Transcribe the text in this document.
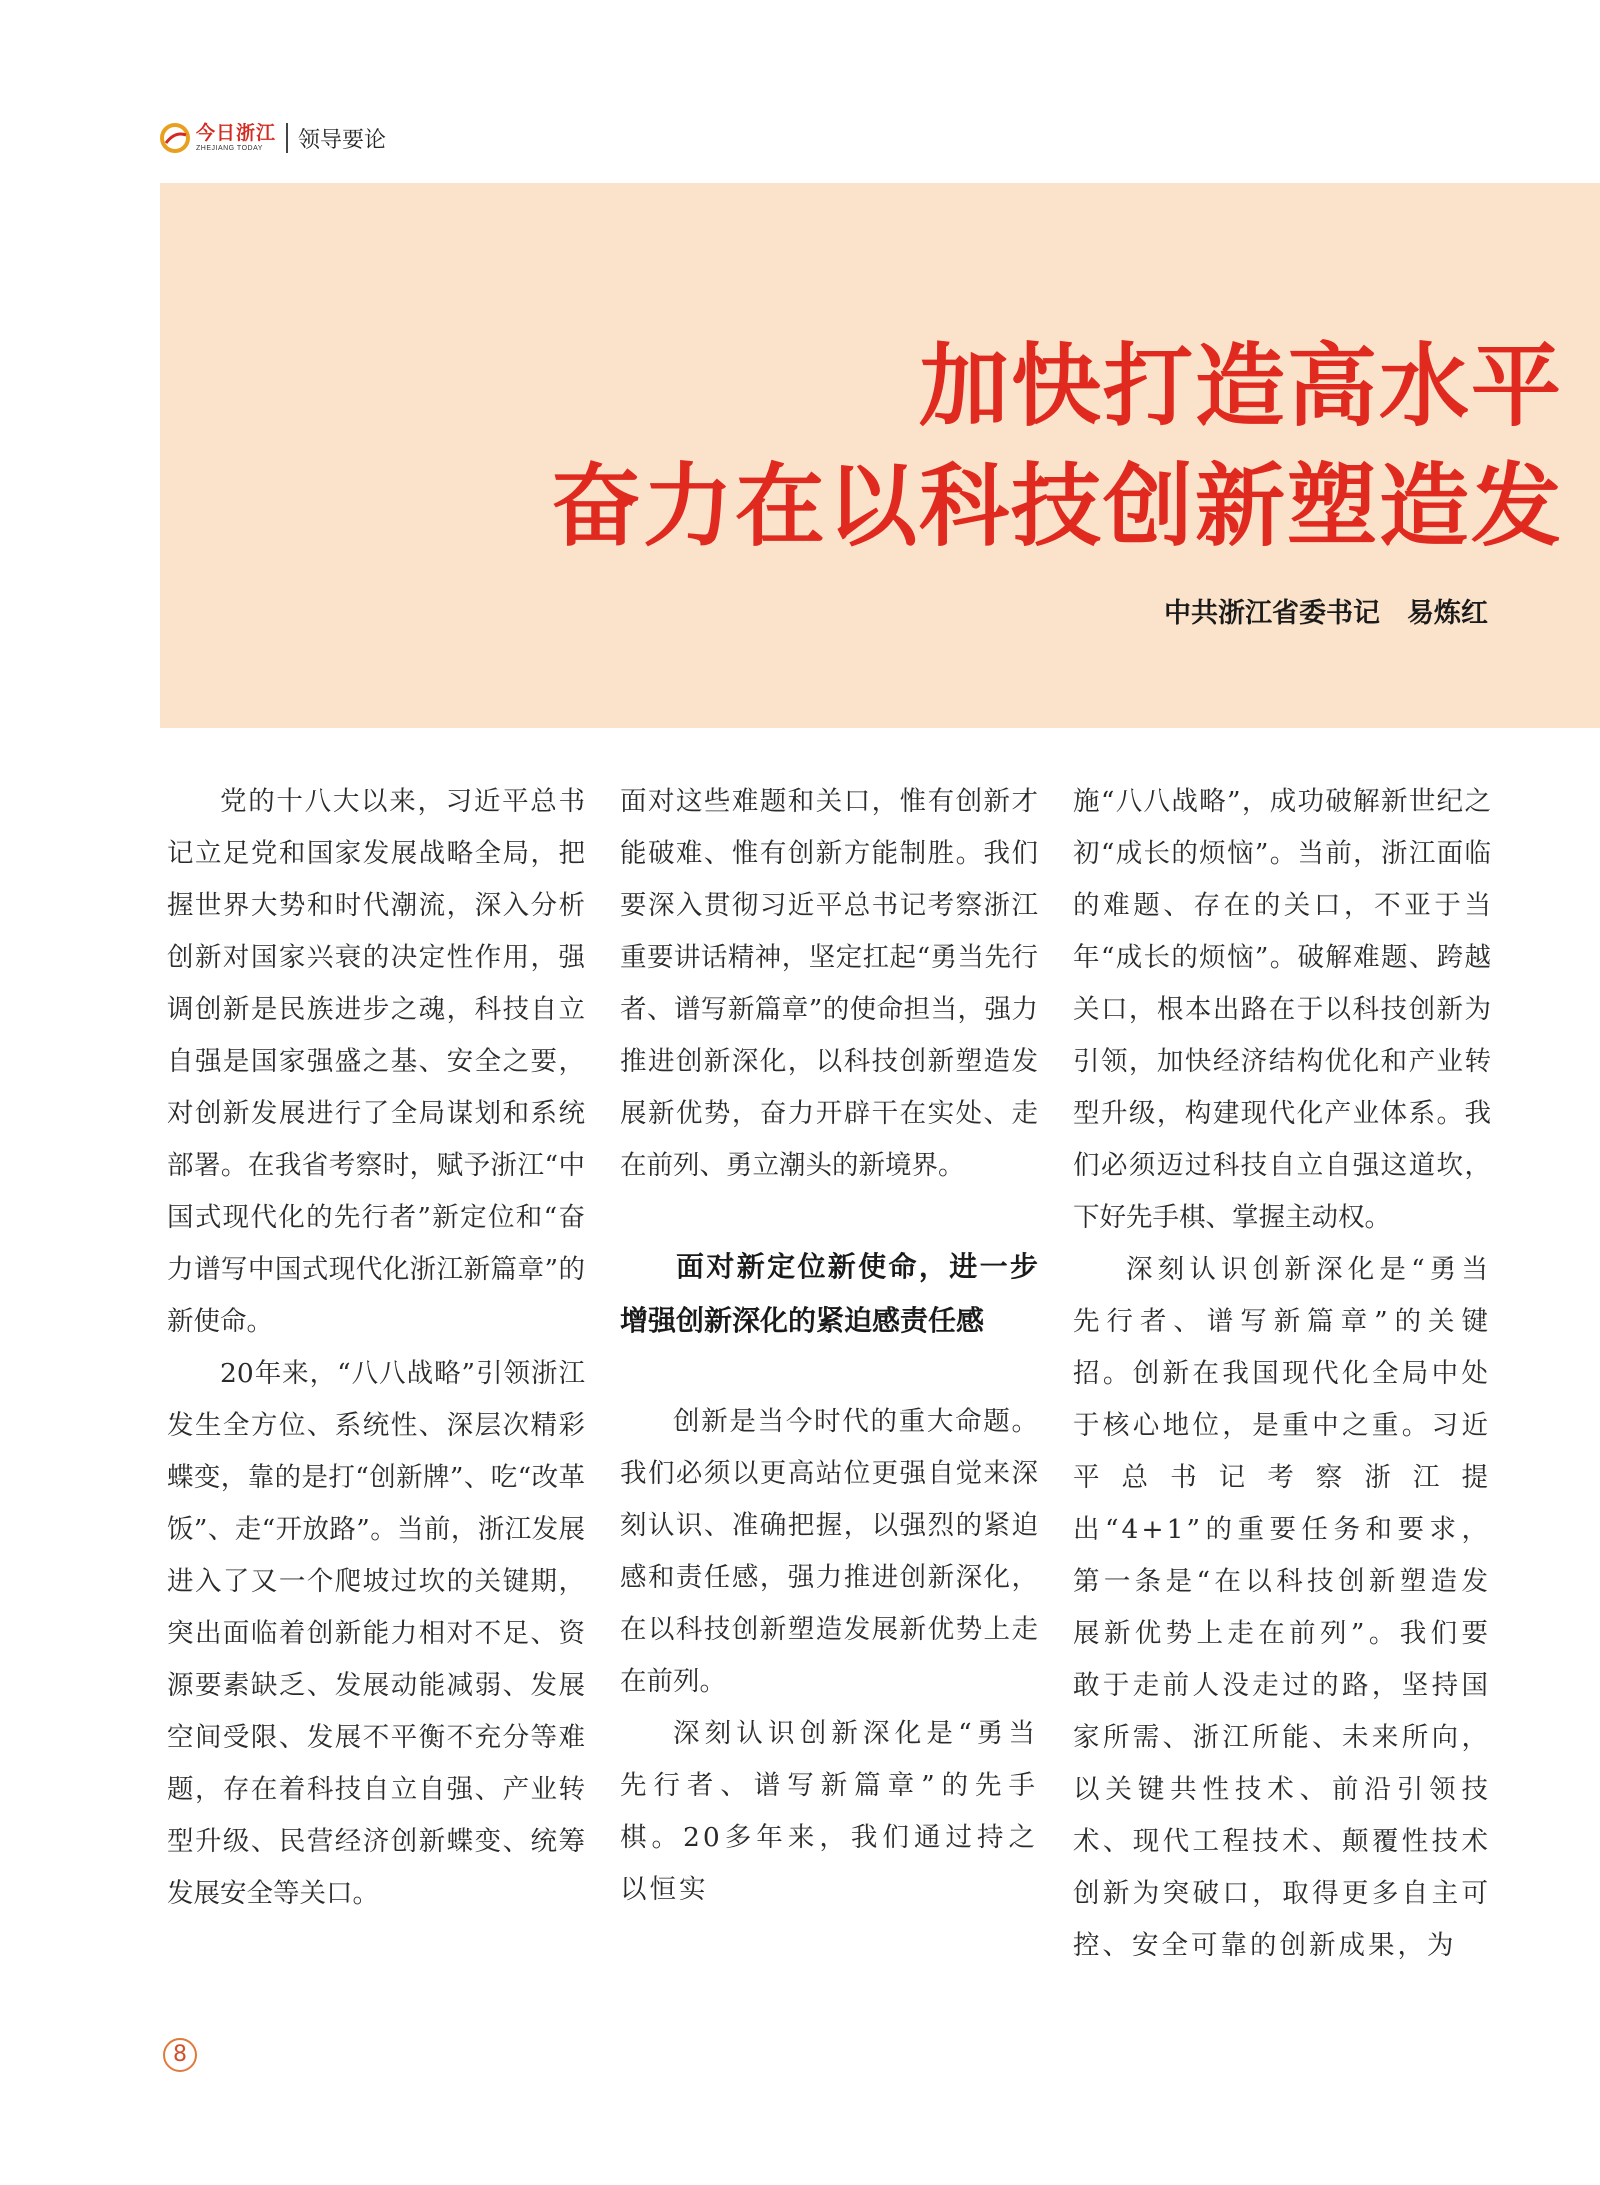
今日浙江
ZHEJIANG TODAY	领导要论
加快打造高水平
奋力在以科技创新塑造发
中共浙江省委书记　易炼红

党的十八大以来，习近平总书记立足党和国家发展战略全局，把握世界大势和时代潮流，深入分析创新对国家兴衰的决定性作用，强调创新是民族进步之魂，科技自立自强是国家强盛之基、安全之要，对创新发展进行了全局谋划和系统部署。在我省考察时，赋予浙江“中国式现代化的先行者”新定位和“奋力谱写中国式现代化浙江新篇章”的新使命。

20年来，“八八战略”引领浙江发生全方位、系统性、深层次精彩蝶变，靠的是打“创新牌”、吃“改革饭”、走“开放路”。当前，浙江发展进入了又一个爬坡过坎的关键期，突出面临着创新能力相对不足、资源要素缺乏、发展动能减弱、发展空间受限、发展不平衡不充分等难题，存在着科技自立自强、产业转型升级、民营经济创新蝶变、统筹发展安全等关口。

面对这些难题和关口，惟有创新才能破难、惟有创新方能制胜。我们要深入贯彻习近平总书记考察浙江重要讲话精神，坚定扛起“勇当先行者、谱写新篇章”的使命担当，强力推进创新深化，以科技创新塑造发展新优势，奋力开辟干在实处、走在前列、勇立潮头的新境界。

面对新定位新使命，进一步增强创新深化的紧迫感责任感

创新是当今时代的重大命题。我们必须以更高站位更强自觉来深刻认识、准确把握，以强烈的紧迫感和责任感，强力推进创新深化，在以科技创新塑造发展新优势上走在前列。

深刻认识创新深化是“勇当先行者、谱写新篇章”的先手棋。20多年来，我们通过持之以恒实

施“八八战略”，成功破解新世纪之初“成长的烦恼”。当前，浙江面临的难题、存在的关口，不亚于当年“成长的烦恼”。破解难题、跨越关口，根本出路在于以科技创新为引领，加快经济结构优化和产业转型升级，构建现代化产业体系。我们必须迈过科技自立自强这道坎，下好先手棋、掌握主动权。

深刻认识创新深化是“勇当先行者、谱写新篇章”的关键招。创新在我国现代化全局中处于核心地位，是重中之重。习近平总书记考察浙江提出“4+1”的重要任务和要求，第一条是“在以科技创新塑造发展新优势上走在前列”。我们要敢于走前人没走过的路，坚持国家所需、浙江所能、未来所向，以关键共性技术、前沿引领技术、现代工程技术、颠覆性技术创新为突破口，取得更多自主可控、安全可靠的创新成果，为

8
